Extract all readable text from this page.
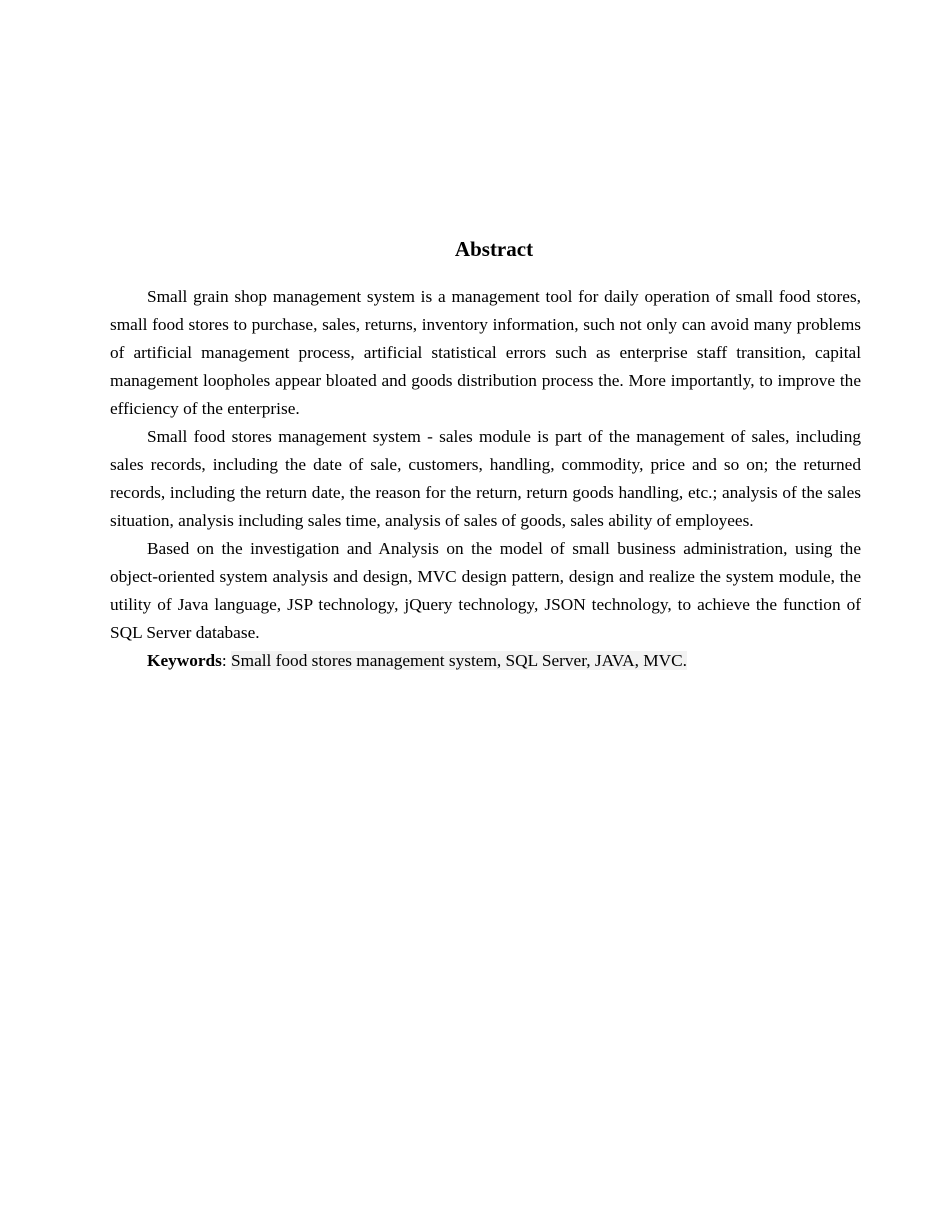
Abstract

Small grain shop management system is a management tool for daily operation of small food stores, small food stores to purchase, sales, returns, inventory information, such not only can avoid many problems of artificial management process, artificial statistical errors such as enterprise staff transition, capital management loopholes appear bloated and goods distribution process the. More importantly, to improve the efficiency of the enterprise.

Small food stores management system - sales module is part of the management of sales, including sales records, including the date of sale, customers, handling, commodity, price and so on; the returned records, including the return date, the reason for the return, return goods handling, etc.; analysis of the sales situation, analysis including sales time, analysis of sales of goods, sales ability of employees.

Based on the investigation and Analysis on the model of small business administration, using the object-oriented system analysis and design, MVC design pattern, design and realize the system module, the utility of Java language, JSP technology, jQuery technology, JSON technology, to achieve the function of SQL Server database.

Keywords: Small food stores management system, SQL Server, JAVA, MVC.
